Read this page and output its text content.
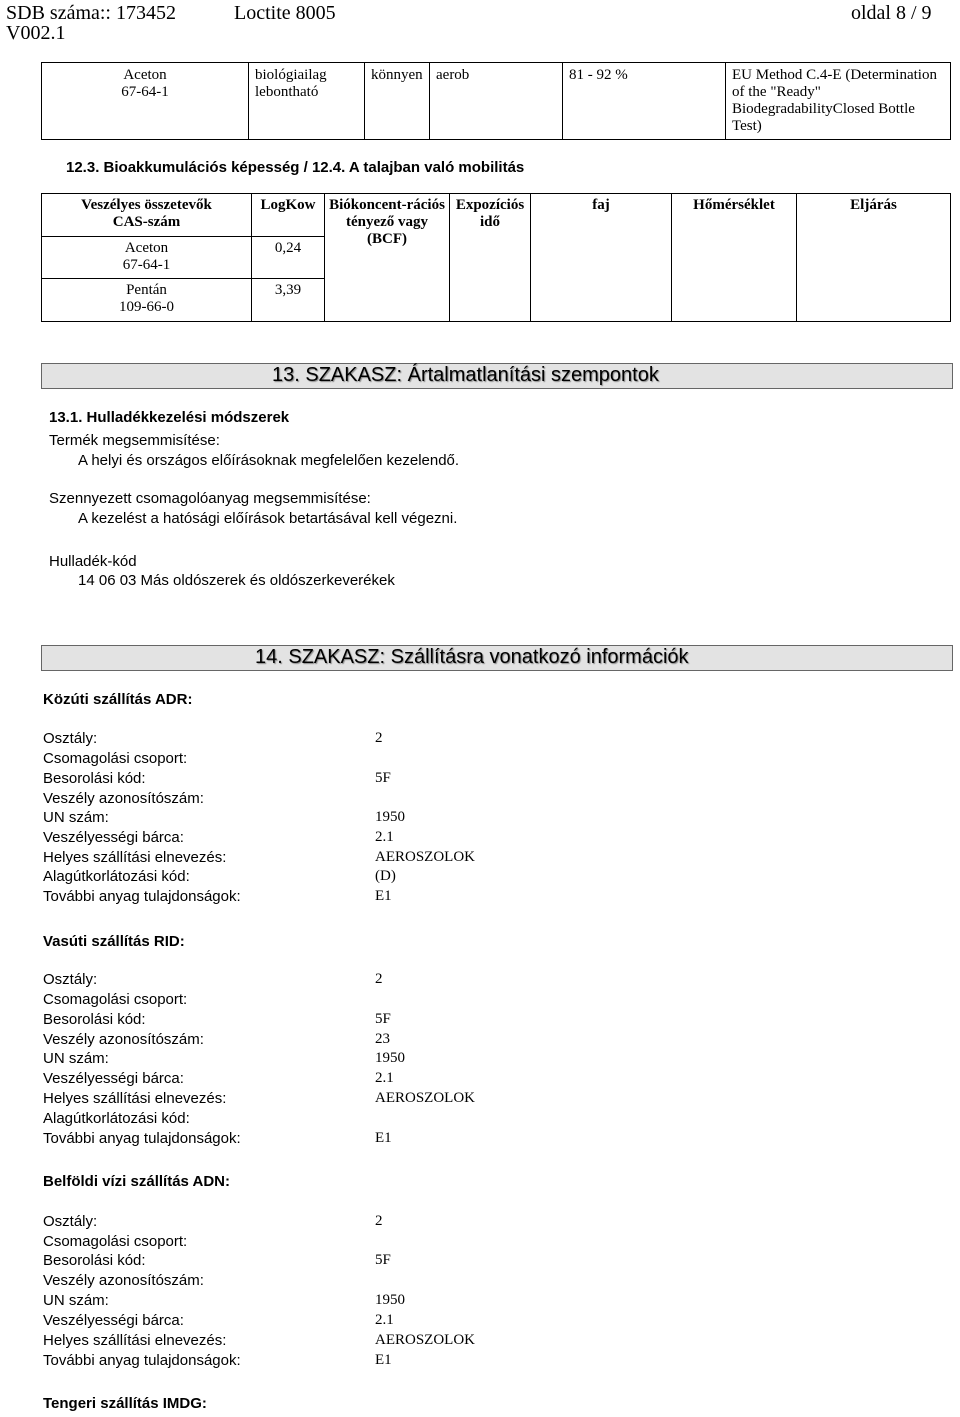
SDB száma:: 173452
V002.1
Loctite 8005	oldal 8 / 9
Aceton
67-64-1
	biológiailag lebontható	könnyen	aerob	81 - 92 %	EU Method C.4-E (Determination of the "Ready" BiodegradabilityClosed Bottle Test)
12.3. Bioakkumulációs képesség / 12.4. A talajban való mobilitás
Veszélyes összetevők
CAS-szám	LogKow	Biókoncent-rációs tényező vagy (BCF)	Expozíciós idő	faj	Hőmérséklet	Eljárás

Aceton
67-64-1	0,24					

Pentán
109-66-0	3,39					
13. SZAKASZ: Ártalmatlanítási szempontok
13.1. Hulladékkezelési módszerek
Termék megsemmisítése:
A helyi és országos előírásoknak megfelelően kezelendő.
Szennyezett csomagolóanyag megsemmisítése:
A kezelést a hatósági előírások betartásával kell végezni.
Hulladék-kód
14 06 03 Más oldószerek és oldószerkeverékek
14. SZAKASZ: Szállításra vonatkozó információk
Közúti szállítás ADR:
Osztály:	2
Csomagolási csoport:
Besorolási kód:	5F
Veszély azonosítószám:
UN szám:	1950
Veszélyességi bárca:	2.1
Helyes szállítási elnevezés:	AEROSZOLOK
Alagútkorlátozási kód:	(D)
További anyag tulajdonságok:	E1
Vasúti szállítás RID:
Osztály:	2
Csomagolási csoport:
Besorolási kód:	5F
Veszély azonosítószám:	23
UN szám:	1950
Veszélyességi bárca:	2.1
Helyes szállítási elnevezés:	AEROSZOLOK
Alagútkorlátozási kód:
További anyag tulajdonságok:	E1
Belföldi vízi szállítás ADN:
Osztály:	2
Csomagolási csoport:
Besorolási kód:	5F
Veszély azonosítószám:
UN szám:	1950
Veszélyességi bárca:	2.1
Helyes szállítási elnevezés:	AEROSZOLOK
További anyag tulajdonságok:	E1
Tengeri szállítás IMDG:
